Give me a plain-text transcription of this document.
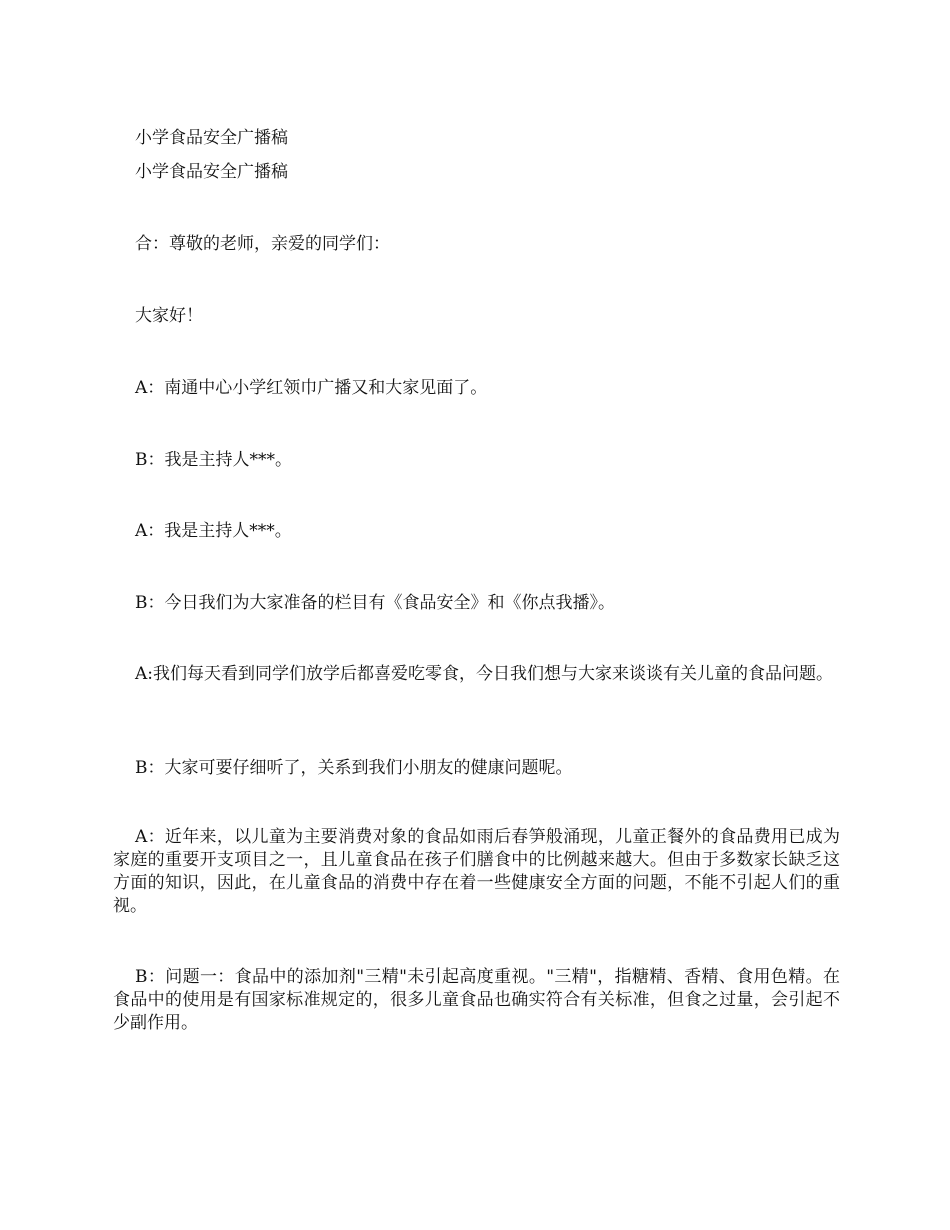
小学食品安全广播稿
小学食品安全广播稿
合：尊敬的老师，亲爱的同学们：
大家好！
A：南通中心小学红领巾广播又和大家见面了。
B：我是主持人***。
A：我是主持人***。
B：今日我们为大家准备的栏目有《食品安全》和《你点我播》。
A:我们每天看到同学们放学后都喜爱吃零食，今日我们想与大家来谈谈有关儿童的食品问题。
B：大家可要仔细听了，关系到我们小朋友的健康问题呢。
A：近年来，以儿童为主要消费对象的食品如雨后春笋般涌现，儿童正餐外的食品费用已成为家庭的重要开支项目之一，且儿童食品在孩子们膳食中的比例越来越大。但由于多数家长缺乏这方面的知识，因此，在儿童食品的消费中存在着一些健康安全方面的问题，不能不引起人们的重视。
B：问题一：食品中的添加剂"三精"未引起高度重视。"三精"，指糖精、香精、食用色精。在食品中的使用是有国家标准规定的，很多儿童食品也确实符合有关标准，但食之过量，会引起不少副作用。
